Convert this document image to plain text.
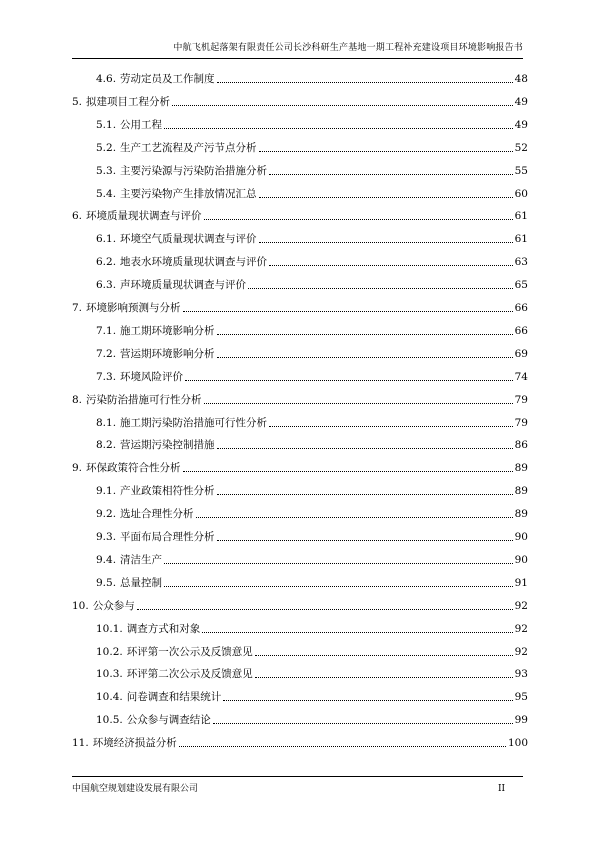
中航飞机起落架有限责任公司长沙科研生产基地一期工程补充建设项目环境影响报告书
4.6. 劳动定员及工作制度	48
5. 拟建项目工程分析	49
5.1. 公用工程	49
5.2. 生产工艺流程及产污节点分析	52
5.3. 主要污染源与污染防治措施分析	55
5.4. 主要污染物产生排放情况汇总	60
6. 环境质量现状调查与评价	61
6.1. 环境空气质量现状调查与评价	61
6.2. 地表水环境质量现状调查与评价	63
6.3. 声环境质量现状调查与评价	65
7. 环境影响预测与分析	66
7.1. 施工期环境影响分析	66
7.2. 营运期环境影响分析	69
7.3. 环境风险评价	74
8. 污染防治措施可行性分析	79
8.1. 施工期污染防治措施可行性分析	79
8.2. 营运期污染控制措施	86
9. 环保政策符合性分析	89
9.1. 产业政策相符性分析	89
9.2. 选址合理性分析	89
9.3. 平面布局合理性分析	90
9.4. 清洁生产	90
9.5. 总量控制	91
10. 公众参与	92
10.1. 调查方式和对象	92
10.2. 环评第一次公示及反馈意见	92
10.3. 环评第二次公示及反馈意见	93
10.4. 问卷调查和结果统计	95
10.5. 公众参与调查结论	99
11. 环境经济损益分析	100
中国航空规划建设发展有限公司	II
